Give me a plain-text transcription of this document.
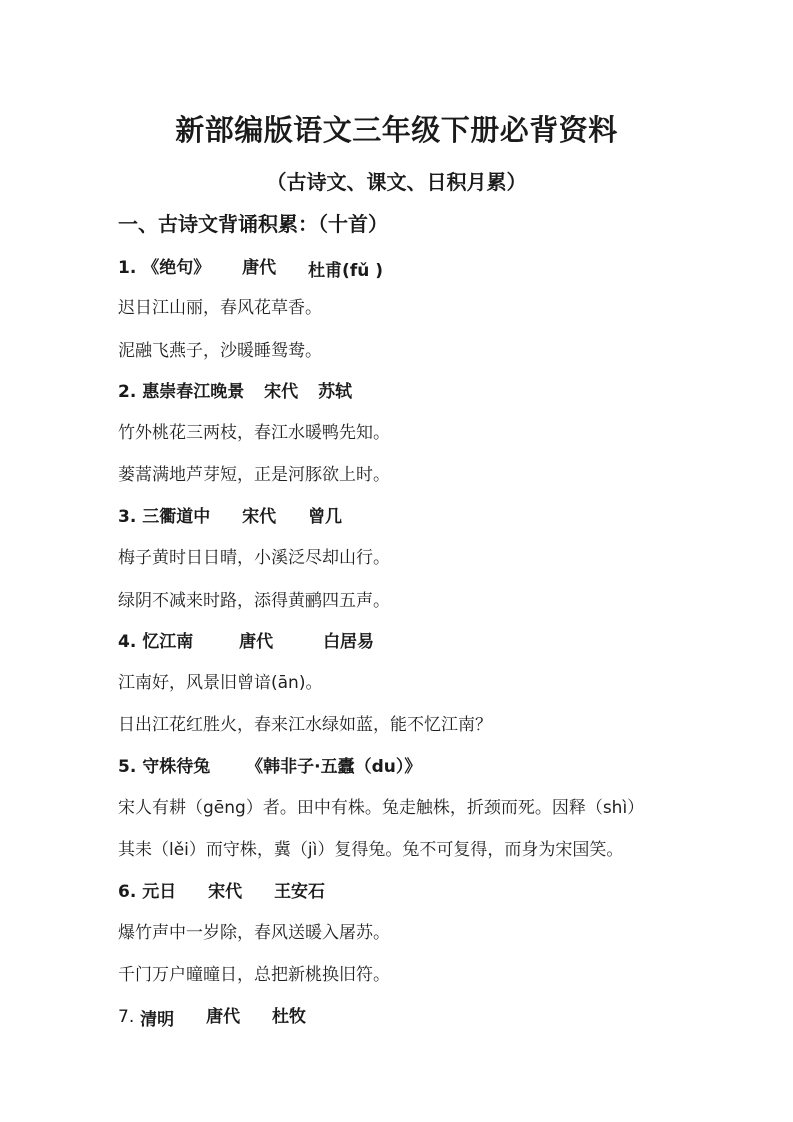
新部编版语文三年级下册必背资料
（古诗文、课文、日积月累）
一、古诗文背诵积累：（十首）
1. 《绝句》 唐代 杜甫(fǔ )
迟日江山丽，春风花草香。
泥融飞燕子，沙暖睡鸳鸯。
2. 惠崇春江晚景 宋代 苏轼
竹外桃花三两枝，春江水暖鸭先知。
蒌蒿满地芦芽短，正是河豚欲上时。
3. 三衢道中 宋代 曾几
梅子黄时日日晴，小溪泛尽却山行。
绿阴不减来时路，添得黄鹂四五声。
4. 忆江南	唐代	白居易
江南好，风景旧曾谙(ān)。
日出江花红胜火，春来江水绿如蓝，能不忆江南？
5. 守株待兔 《韩非子·五蠹（du）》
宋人有耕（gēng）者。田中有株。兔走触株，折颈而死。因释（shì）
其耒（lěi）而守株，冀（jì）复得兔。兔不可复得，而身为宋国笑。
6. 元日 宋代 王安石
爆竹声中一岁除，春风送暖入屠苏。
千门万户曈曈日，总把新桃换旧符。
7. 清明 唐代 杜牧
